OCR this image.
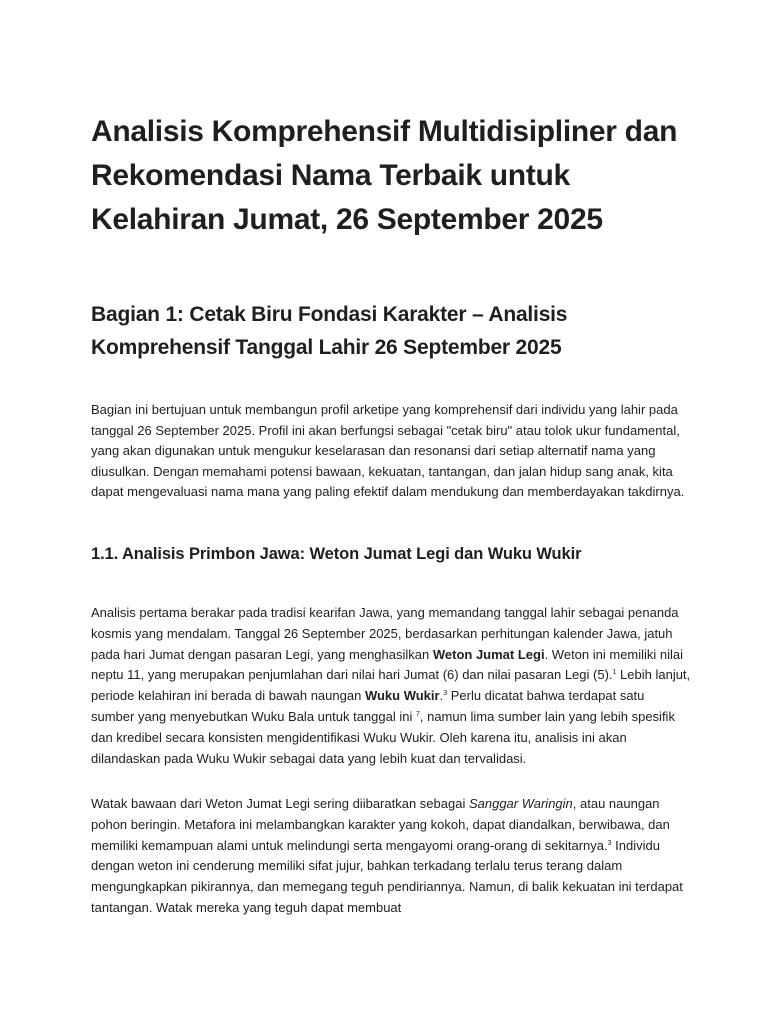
Analisis Komprehensif Multidisipliner dan Rekomendasi Nama Terbaik untuk Kelahiran Jumat, 26 September 2025
Bagian 1: Cetak Biru Fondasi Karakter – Analisis Komprehensif Tanggal Lahir 26 September 2025

Bagian ini bertujuan untuk membangun profil arketipe yang komprehensif dari individu yang lahir pada tanggal 26 September 2025. Profil ini akan berfungsi sebagai "cetak biru" atau tolok ukur fundamental, yang akan digunakan untuk mengukur keselarasan dan resonansi dari setiap alternatif nama yang diusulkan. Dengan memahami potensi bawaan, kekuatan, tantangan, dan jalan hidup sang anak, kita dapat mengevaluasi nama mana yang paling efektif dalam mendukung dan memberdayakan takdirnya.

1.1. Analisis Primbon Jawa: Weton Jumat Legi dan Wuku Wukir

Analisis pertama berakar pada tradisi kearifan Jawa, yang memandang tanggal lahir sebagai penanda kosmis yang mendalam. Tanggal 26 September 2025, berdasarkan perhitungan kalender Jawa, jatuh pada hari Jumat dengan pasaran Legi, yang menghasilkan Weton Jumat Legi. Weton ini memiliki nilai neptu 11, yang merupakan penjumlahan dari nilai hari Jumat (6) dan nilai pasaran Legi (5).$^1$ Lebih lanjut, periode kelahiran ini berada di bawah naungan Wuku Wukir.$^3$ Perlu dicatat bahwa terdapat satu sumber yang menyebutkan Wuku Bala untuk tanggal ini $^7$, namun lima sumber lain yang lebih spesifik dan kredibel secara konsisten mengidentifikasi Wuku Wukir. Oleh karena itu, analisis ini akan dilandaskan pada Wuku Wukir sebagai data yang lebih kuat dan tervalidasi.

Watak bawaan dari Weton Jumat Legi sering diibaratkan sebagai Sanggar Waringin, atau naungan pohon beringin. Metafora ini melambangkan karakter yang kokoh, dapat diandalkan, berwibawa, dan memiliki kemampuan alami untuk melindungi serta mengayomi orang-orang di sekitarnya.$^3$ Individu dengan weton ini cenderung memiliki sifat jujur, bahkan terkadang terlalu terus terang dalam mengungkapkan pikirannya, dan memegang teguh pendiriannya. Namun, di balik kekuatan ini terdapat tantangan. Watak mereka yang teguh dapat membuat
